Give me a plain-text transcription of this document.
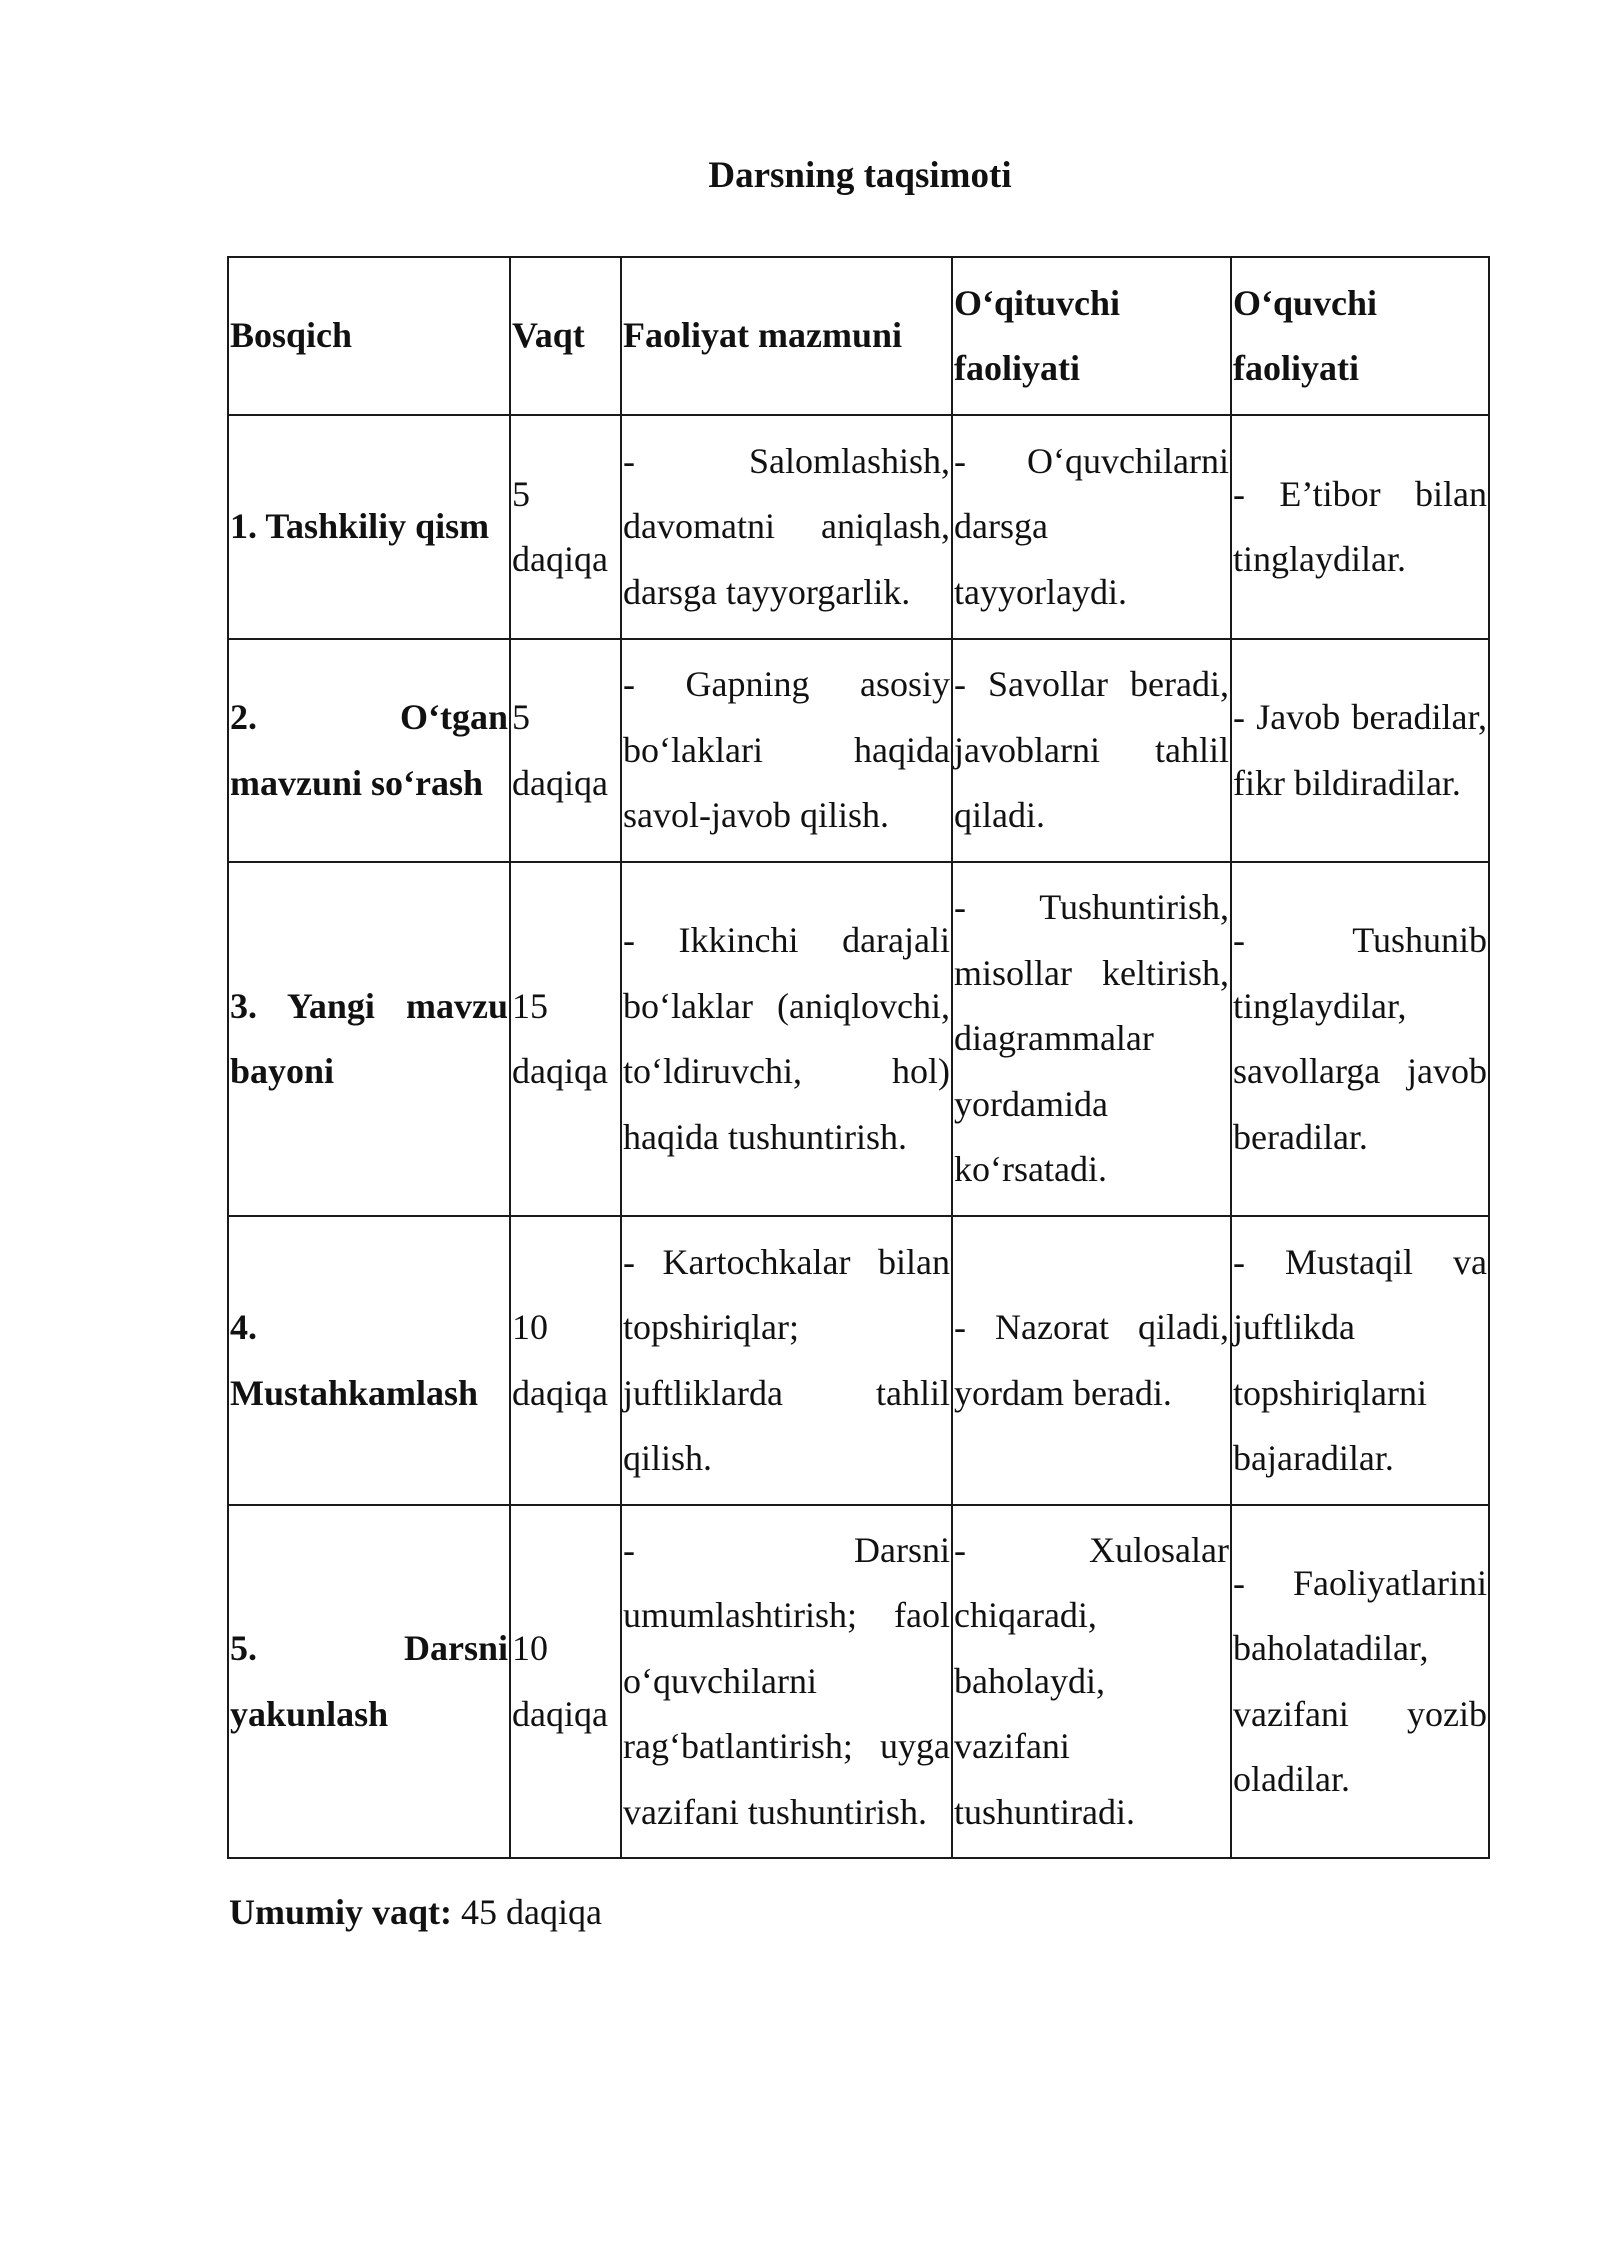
Darsning taqsimoti
Bosqich	Vaqt	Faoliyat mazmuni	O‘qituvchi faoliyati	O‘quvchi faoliyati
1. Tashkiliy qism	5 daqiqa	- Salomlashish, davomatni aniqlash, darsga tayyorgarlik.	- O‘quvchilarni darsga tayyorlaydi.	- E’tibor bilan tinglaydilar.
2. O‘tgan mavzuni so‘rash	5 daqiqa	- Gapning asosiy bo‘laklari haqida savol-javob qilish.	- Savollar beradi, javoblarni tahlil qiladi.	- Javob beradilar, fikr bildiradilar.
3. Yangi mavzu bayoni	15 daqiqa	- Ikkinchi darajali bo‘laklar (aniqlovchi, to‘ldiruvchi, hol) haqida tushuntirish.	- Tushuntirish, misollar keltirish, diagrammalar yordamida ko‘rsatadi.	- Tushunib tinglaydilar, savollarga javob beradilar.
4. Mustahkamlash	10 daqiqa	- Kartochkalar bilan topshiriqlar; juftliklarda tahlil qilish.	- Nazorat qiladi, yordam beradi.	- Mustaqil va juftlikda topshiriqlarni bajaradilar.
5. Darsni yakunlash	10 daqiqa	- Darsni umumlashtirish; faol o‘quvchilarni rag‘batlantirish; uyga vazifani tushuntirish.	- Xulosalar chiqaradi, baholaydi, vazifani tushuntiradi.	- Faoliyatlarini baholatadilar, vazifani yozib oladilar.
Umumiy vaqt: 45 daqiqa
